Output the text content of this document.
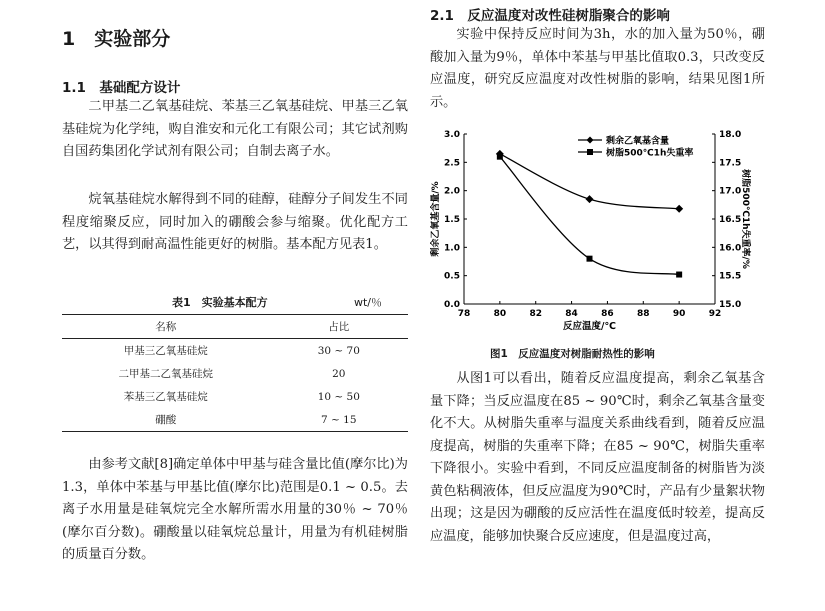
1　实验部分
1.1　基础配方设计

二甲基二乙氧基硅烷、苯基三乙氧基硅烷、甲基三乙氧基硅烷为化学纯，购自淮安和元化工有限公司；其它试剂购自国药集团化学试剂有限公司；自制去离子水。

烷氧基硅烷水解得到不同的硅醇，硅醇分子间发生不同程度缩聚反应，同时加入的硼酸会参与缩聚。优化配方工艺，以其得到耐高温性能更好的树脂。基本配方见表1。

表1　实验基本配方	wt/％
名称	占比
甲基三乙氧基硅烷	30 ~ 70
二甲基二乙氧基硅烷	20
苯基三乙氧基硅烷	10 ~ 50
硼酸	7 ~ 15

由参考文献[8]确定单体中甲基与硅含量比值(摩尔比)为1.3，单体中苯基与甲基比值(摩尔比)范围是0.1 ~ 0.5。去离子水用量是硅氧烷完全水解所需水用量的30％ ~ 70％(摩尔百分数)。硼酸量以硅氧烷总量计，用量为有机硅树脂的质量百分数。

2.1　反应温度对改性硅树脂聚合的影响

实验中保持反应时间为3h，水的加入量为50％，硼酸加入量为9％，单体中苯基与甲基比值取0.3，只改变反应温度，研究反应温度对改性树脂的影响，结果见图1所示。

78	80	82	84	86	88	90	92
0.0
0.5
1.0
1.5
2.0
2.5
3.0
15.0
15.5
16.0
16.5
17.0
17.5
18.0
反应温度/℃
剩余乙氧基含量/%	树脂500℃1h失重率/%
剩余乙氧基含量
树脂500℃1h失重率
图1　反应温度对树脂耐热性的影响

从图1可以看出，随着反应温度提高，剩余乙氧基含量下降；当反应温度在85 ~ 90℃时，剩余乙氧基含量变化不大。从树脂失重率与温度关系曲线看到，随着反应温度提高，树脂的失重率下降；在85 ~ 90℃，树脂失重率下降很小。实验中看到，不同反应温度制备的树脂皆为淡黄色粘稠液体，但反应温度为90℃时，产品有少量絮状物出现；这是因为硼酸的反应活性在温度低时较差，提高反应温度，能够加快聚合反应速度，但是温度过高，
